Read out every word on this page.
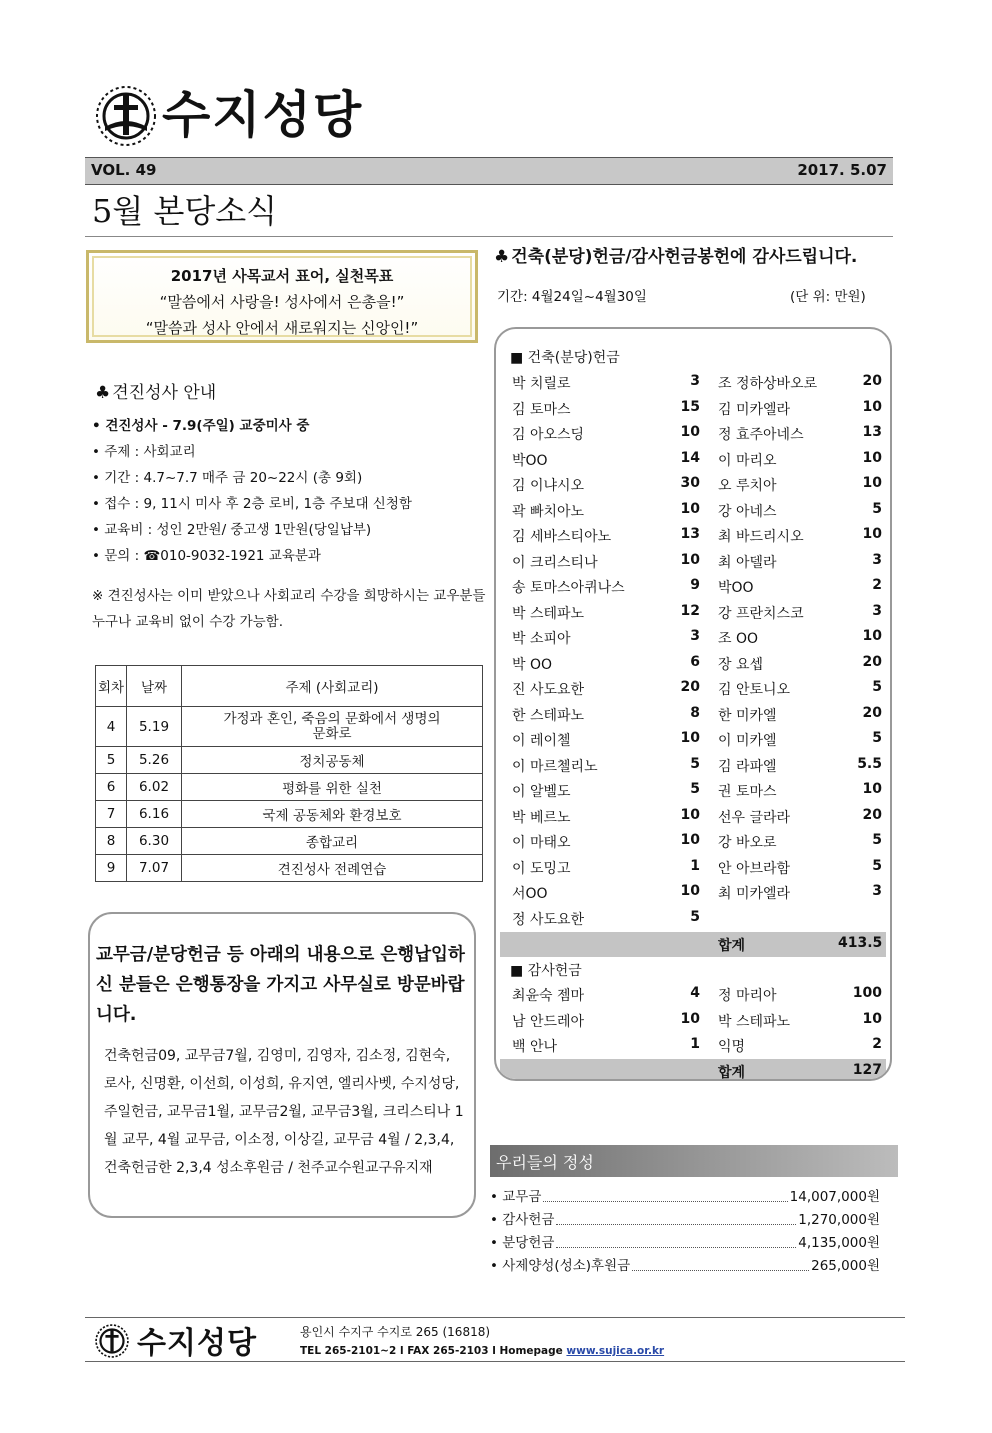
수지성당
VOL. 49	2017. 5.07
5월 본당소식
2017년 사목교서 표어, 실천목표
“말씀에서 사랑을! 성사에서 은총을!”
“말씀과 성사 안에서 새로워지는 신앙인!”
♣ 견진성사 안내
• 견진성사 - 7.9(주일) 교중미사 중
• 주제 : 사회교리
• 기간 : 4.7~7.7 매주 금 20~22시 (총 9회)
• 접수 : 9, 11시 미사 후 2층 로비, 1층 주보대 신청함
• 교육비 : 성인 2만원/ 중고생 1만원(당일납부)
• 문의 : ☎010-9032-1921 교육분과
※ 견진성사는 이미 받았으나 사회교리 수강을 희망하시는 교우분들 누구나 교육비 없이 수강 가능함.
회차	날짜	주제 (사회교리)
4	5.19	가정과 혼인, 죽음의 문화에서 생명의 문화로
5	5.26	정치공동체
6	6.02	평화를 위한 실천
7	6.16	국제 공동체와 환경보호
8	6.30	종합교리
9	7.07	견진성사 전례연습
교무금/분당헌금 등 아래의 내용으로 은행납입하신 분들은 은행통장을 가지고 사무실로 방문바랍니다.
건축헌금09, 교무금7월, 김영미, 김영자, 김소정, 김현숙, 로사, 신명환, 이선희, 이성희, 유지연, 엘리사벳, 수지성당, 주일헌금, 교무금1월, 교무금2월, 교무금3월, 크리스티나 1월 교무, 4월 교무금, 이소정, 이상길, 교무금 4월 / 2,3,4, 건축헌금한 2,3,4 성소후원금 / 천주교수원교구유지재
♣ 건축(분당)헌금/감사헌금봉헌에 감사드립니다.
기간: 4월24일~4월30일	(단 위: 만원)
■ 건축(분당)헌금
박 치릴로	3 조 정하상바오로	20
김 토마스	15 김 미카엘라	10
김 아오스딩	10 정 효주아네스	13
박OO	14 이 마리오	10
김 이냐시오	30 오 루치아	10
곽 빠치아노	10 강 아네스	5
김 세바스티아노	13 최 바드리시오	10
이 크리스티나	10 최 아델라	3
송 토마스아퀴나스	9 박OO	2
박 스테파노	12 강 프란치스코	3
박 소피아	3 조 OO	10
박 OO	6 장 요셉	20
진 사도요한	20 김 안토니오	5
한 스테파노	8 한 미카엘	20
이 레이첼	10 이 미카엘	5
이 마르첼리노	5 김 라파엘	5.5
이 알벨도	5 권 토마스	10
박 베르노	10 선우 글라라	20
이 마태오	10 강 바오로	5
이 도밍고	1 안 아브라함	5
서OO	10 최 미카엘라	3
정 사도요한	5
합계	413.5
■ 감사헌금
최윤숙 젬마	4 정 마리아	100
남 안드레아	10 박 스테파노	10
백 안나	1 익명	2
합계	127
우리들의 정성
• 교무금	14,007,000원
• 감사헌금	1,270,000원
• 분당헌금	4,135,000원
• 사제양성(성소)후원금	265,000원
수지성당	용인시 수지구 수지로 265 (16818)
TEL 265-2101~2 l FAX 265-2103 l Homepage www.sujica.or.kr
